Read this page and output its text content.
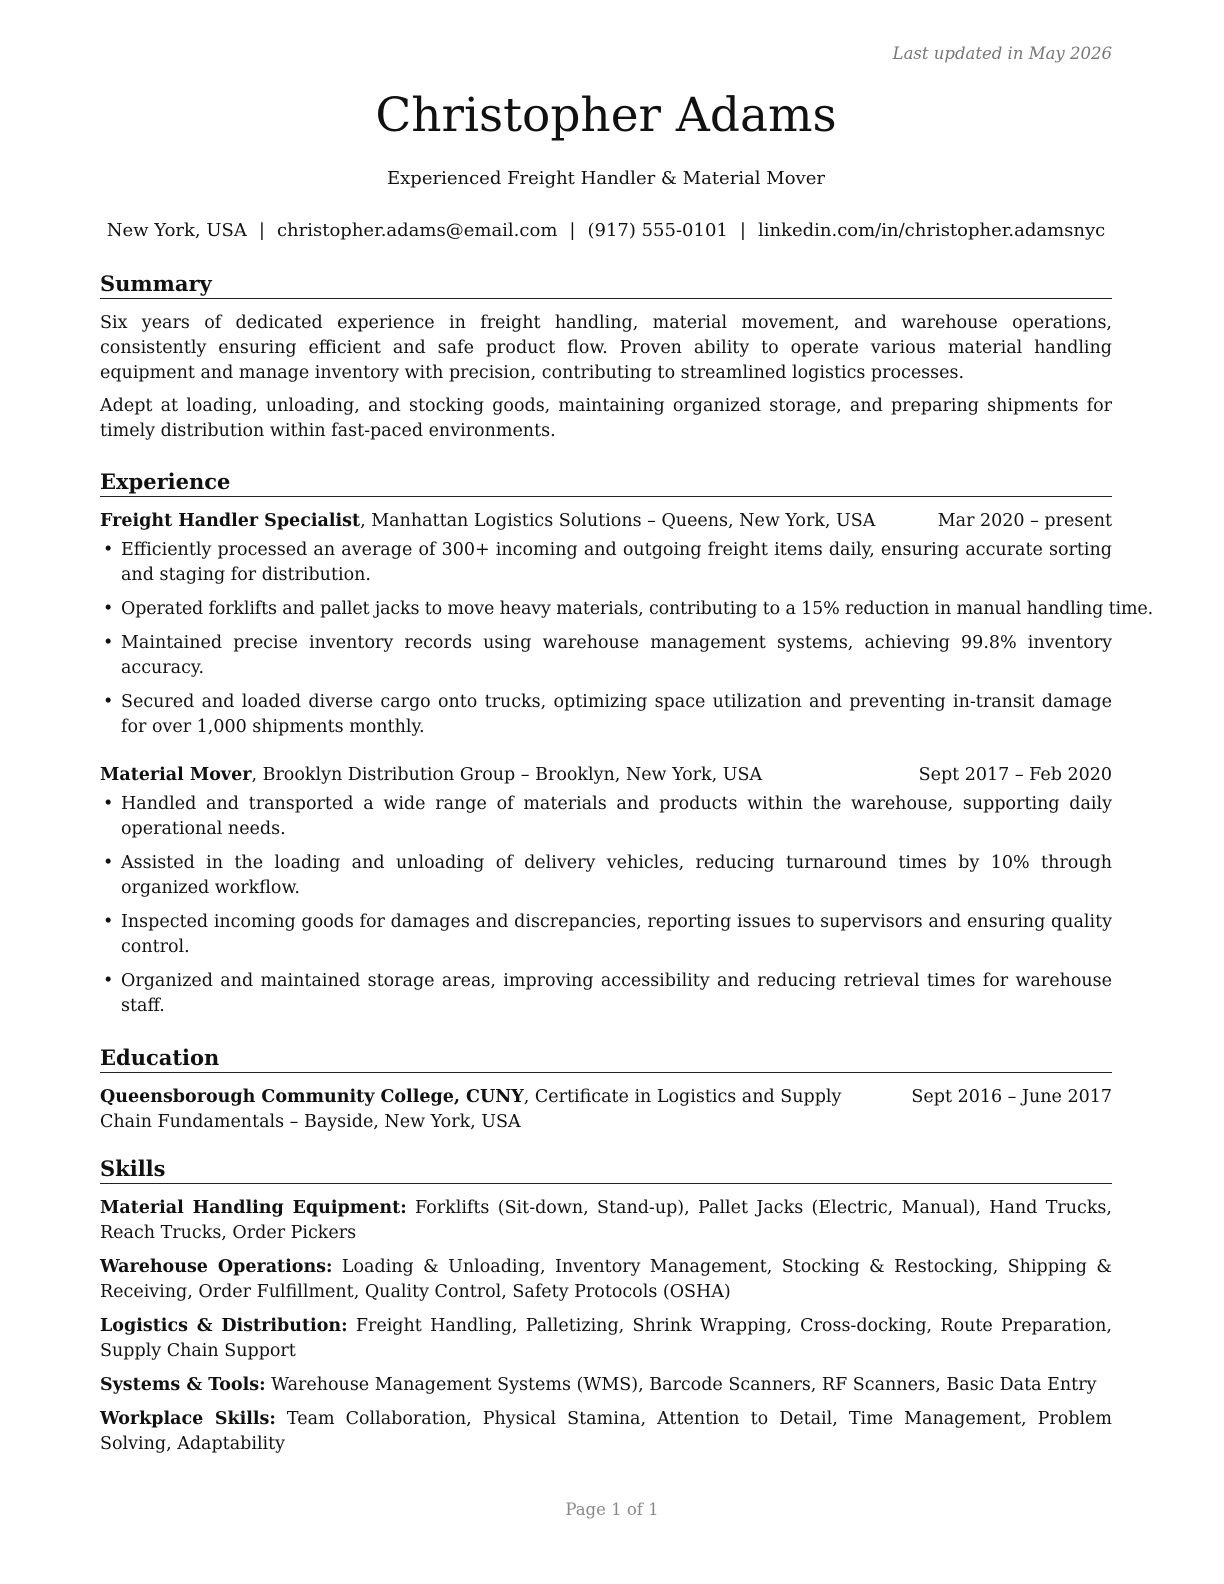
Last updated in May 2026
Christopher Adams
Experienced Freight Handler & Material Mover
New York, USA | christopher.adams@email.com | (917) 555-0101 | linkedin.com/in/christopher.adamsnyc
Summary

Six years of dedicated experience in freight handling, material movement, and warehouse operations, consistently ensuring efficient and safe product flow. Proven ability to operate various material handling equipment and manage inventory with precision, contributing to streamlined logistics processes.

Adept at loading, unloading, and stocking goods, maintaining organized storage, and preparing shipments for timely distribution within fast-paced environments.

Experience
Freight Handler Specialist, Manhattan Logistics Solutions – Queens, New York, USA	Mar 2020 – present
• Efficiently processed an average of 300+ incoming and outgoing freight items daily, ensuring accurate sorting and staging for distribution.
• Operated forklifts and pallet jacks to move heavy materials, contributing to a 15% reduction in manual handling time.
• Maintained precise inventory records using warehouse management systems, achieving 99.8% inventory accuracy.
• Secured and loaded diverse cargo onto trucks, optimizing space utilization and preventing in-transit damage for over 1,000 shipments monthly.
Material Mover, Brooklyn Distribution Group – Brooklyn, New York, USA	Sept 2017 – Feb 2020
• Handled and transported a wide range of materials and products within the warehouse, supporting daily operational needs.
• Assisted in the loading and unloading of delivery vehicles, reducing turnaround times by 10% through organized workflow.
• Inspected incoming goods for damages and discrepancies, reporting issues to supervisors and ensuring quality control.
• Organized and maintained storage areas, improving accessibility and reducing retrieval times for warehouse staff.
Education
Queensborough Community College, CUNY, Certificate in Logistics and Supply Chain Fundamentals – Bayside, New York, USA
Sept 2016 – June 2017
Skills
Material Handling Equipment: Forklifts (Sit-down, Stand-up), Pallet Jacks (Electric, Manual), Hand Trucks, Reach Trucks, Order Pickers
Warehouse Operations: Loading & Unloading, Inventory Management, Stocking & Restocking, Shipping & Receiving, Order Fulfillment, Quality Control, Safety Protocols (OSHA)
Logistics & Distribution: Freight Handling, Palletizing, Shrink Wrapping, Cross-docking, Route Preparation, Supply Chain Support
Systems & Tools: Warehouse Management Systems (WMS), Barcode Scanners, RF Scanners, Basic Data Entry
Workplace Skills: Team Collaboration, Physical Stamina, Attention to Detail, Time Management, Problem Solving, Adaptability
Page 1 of 1
